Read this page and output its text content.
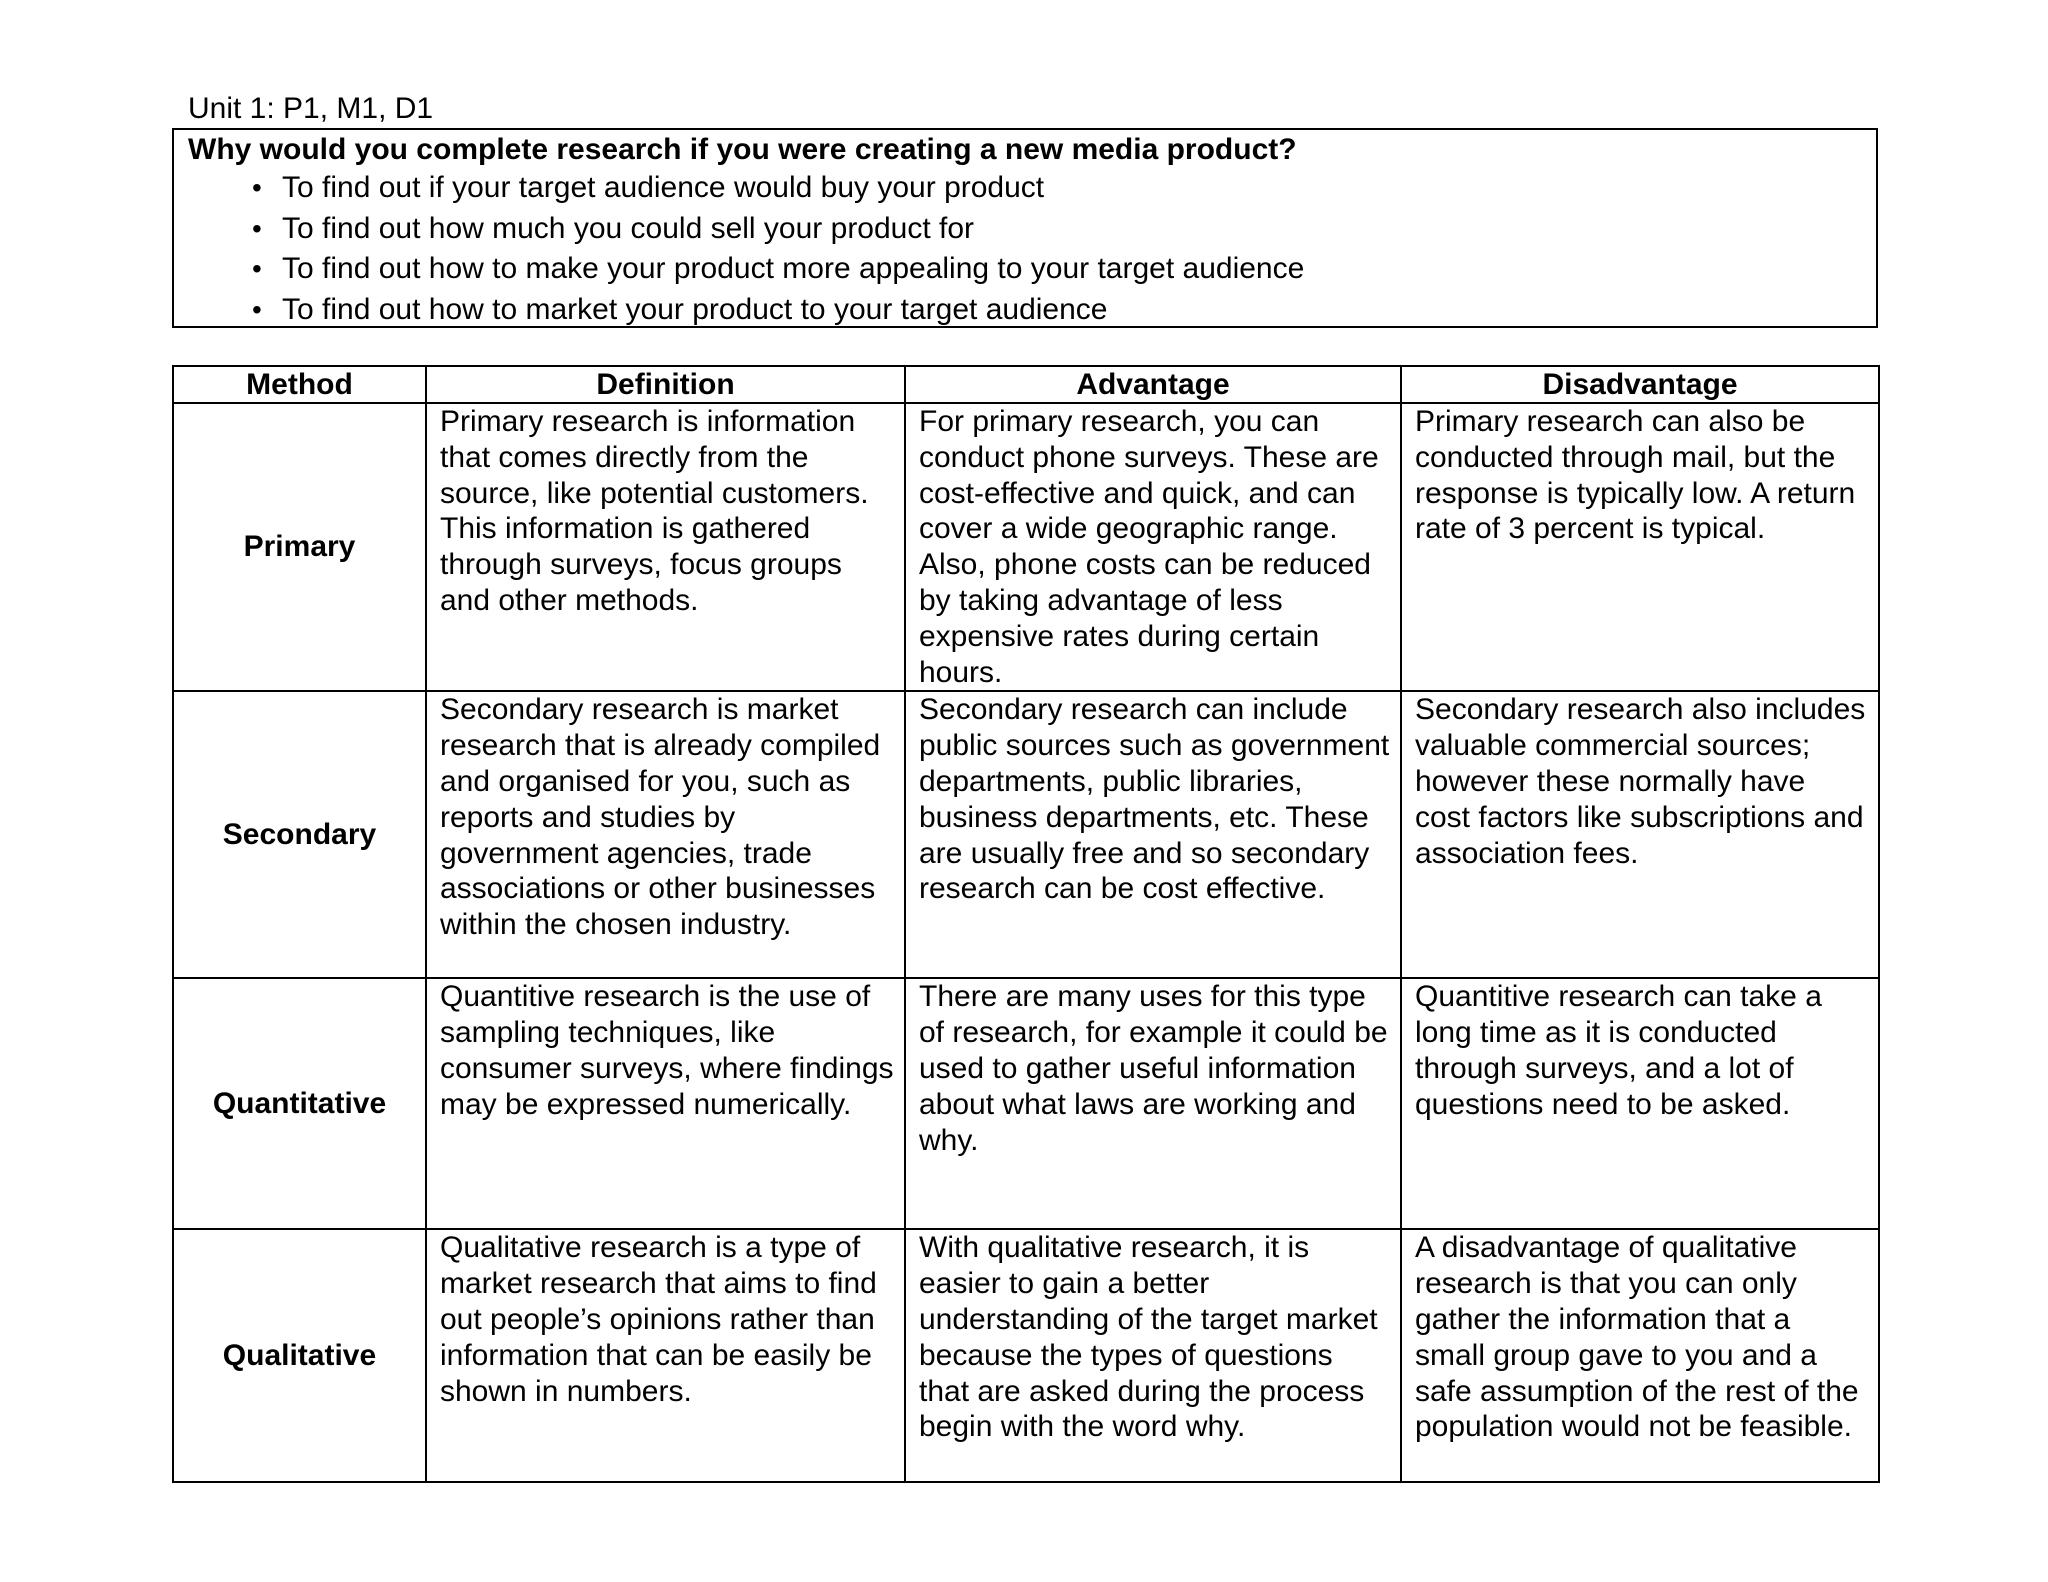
Unit 1: P1, M1, D1

Why would you complete research if you were creating a new media product?

• To find out if your target audience would buy your product
• To find out how much you could sell your product for
• To find out how to make your product more appealing to your target audience
• To find out how to market your product to your target audience
Method	Definition	Advantage	Disadvantage
Primary	Primary research is information that comes directly from the source, like potential customers. This information is gathered through surveys, focus groups and other methods.	For primary research, you can conduct phone surveys. These are cost-effective and quick, and can cover a wide geographic range. Also, phone costs can be reduced by taking advantage of less expensive rates during certain hours.	Primary research can also be conducted through mail, but the response is typically low. A return rate of 3 percent is typical.
Secondary	Secondary research is market research that is already compiled and organised for you, such as reports and studies by government agencies, trade associations or other businesses within the chosen industry.	Secondary research can include public sources such as government departments, public libraries, business departments, etc. These are usually free and so secondary research can be cost effective.	Secondary research also includes valuable commercial sources; however these normally have cost factors like subscriptions and association fees.
Quantitative	Quantitive research is the use of sampling techniques, like consumer surveys, where findings may be expressed numerically.	There are many uses for this type of research, for example it could be used to gather useful information about what laws are working and why.	Quantitive research can take a long time as it is conducted through surveys, and a lot of questions need to be asked.
Qualitative	Qualitative research is a type of market research that aims to find out people’s opinions rather than information that can be easily be shown in numbers.	With qualitative research, it is easier to gain a better understanding of the target market because the types of questions that are asked during the process begin with the word why.	A disadvantage of qualitative research is that you can only gather the information that a small group gave to you and a safe assumption of the rest of the population would not be feasible.
